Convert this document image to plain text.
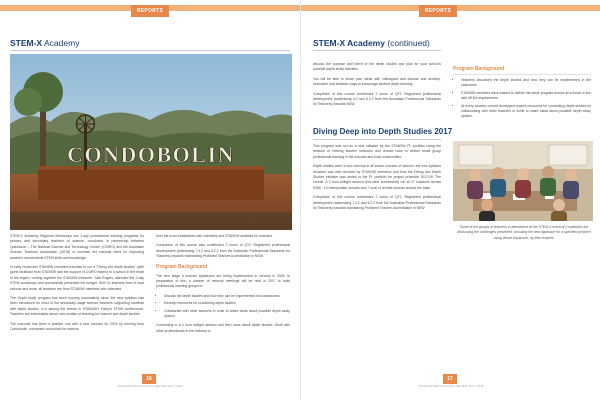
REPORTS
STEM-X Academy
CONDOBOLIN

STEM-X Academy Regional Workshops are 2-day professional learning programs for primary and secondary teachers of science, conducted in partnership between Questacon – The National Science and Technology Centre, (CSIRO) and the Australian Science Teachers Association (ASTA) to increase the national need for improving teachers and students STEM skills and knowledge.

In early November STANSW members travelled to run a "Diving into depth studies" (with guest facilitator from STANSW and the support of CSIRO teams) to a school in the heart of the region, coming together the STANSW treasurer, Julie Rogers, attended the 2-day STEM workshops and successfully presented the budget. With 24 teachers from 5 local schools and more, all teachers are from STANSW members who attended.

The Depth study program has been running successfully since the new syllabus has been introduced for most of the secondary stage science teachers supporting students with depth studies. It is among the events in STANSW's Kathy's STEM conferences. Teachers are enthusiastic about new models of teaching for science and depth studies.

The outcome has been a positive one with a new courses for 2018 by running from Condobolin, successful curriculum for science.

from the more established with chemistry and STANSW activities for teachers.

Completion of this course also contributed 2 hours of QTC Registered professional development (addressing 7.4.2 and 6.2.2 from the Australian Professional Standards for Teachers) towards maintaining Proficient Teacher Accreditation in NSW.

Program Background

The new stage 6 science syllabuses are being implemented in schools in 2018. In preparation of this, a number of network meetings will be held in 2017 to build professional learning groups to:

• Discuss the depth studies and how they can be implemented into classrooms
• Develop resources for conducting depth studies
• Collaborate with other teachers in order to share ideas about possible depth study options

Connecting to a 2 hour twilight session and then more about depth studies. Work with other professionals in the industry to

16
SCIENCE EDUCATIONAL REVIEW 2017 NSW
REPORTS
STEM-X Academy (continued)

discuss the purpose and intent of the depth studies and plan for your school's possible depth study activities.

You will be able to share your ideas with colleagues and discuss and develop, innovative and fantastic ways to encourage student depth learning.

Completion of this course contributes 2 hours of QTC Registered professional development (addressing 4.2 and 6.2.2 from the Australian Professional Standards for Teachers) towards NSW.

Diving Deep into Depth Studies 2017

This program was run as a new initiative by the STANSW PL portfolio using the network of existing teacher networks and remote hubs to deliver small group professional learning in the suburbs and local communities.

Depth studies were a new concept in all senior courses of science; the new syllabus structure was well received by STANSW members and thus the Diving into Depth Studies initiative was added to the PL portfolio for project schedule 2017/18. The course: A 2 hour twilight session that were successfully run at 17 locations across NSW - 10 metropolitan schools and 7 rural or remote schools around the state.

Completion of this course contributes 2 hours of QTC Registered professional development (addressing 7.4.2 and 6.2.2 from the Australian Professional Standards for Teachers) towards maintaining Proficient Teacher Accreditation in NSW.

Program Background
• Teachers discussed the depth studies and how they can be implemented in the classroom.
• STANSW members were trained to deliver the same program across all schools in line with NESA requirements.
• At every location current developed shared resources for conducting depth studies by collaborating with other teachers to invite to share ideas about possible depth study options.
Some of the groups of teachers in attendance at the STEM-X event at Condobolin are discussing the challenges presented, including the best approach for a specified problem using virtual classroom, by-then experts.
17
SCIENCE EDUCATIONAL REVIEW 2017 NSW
